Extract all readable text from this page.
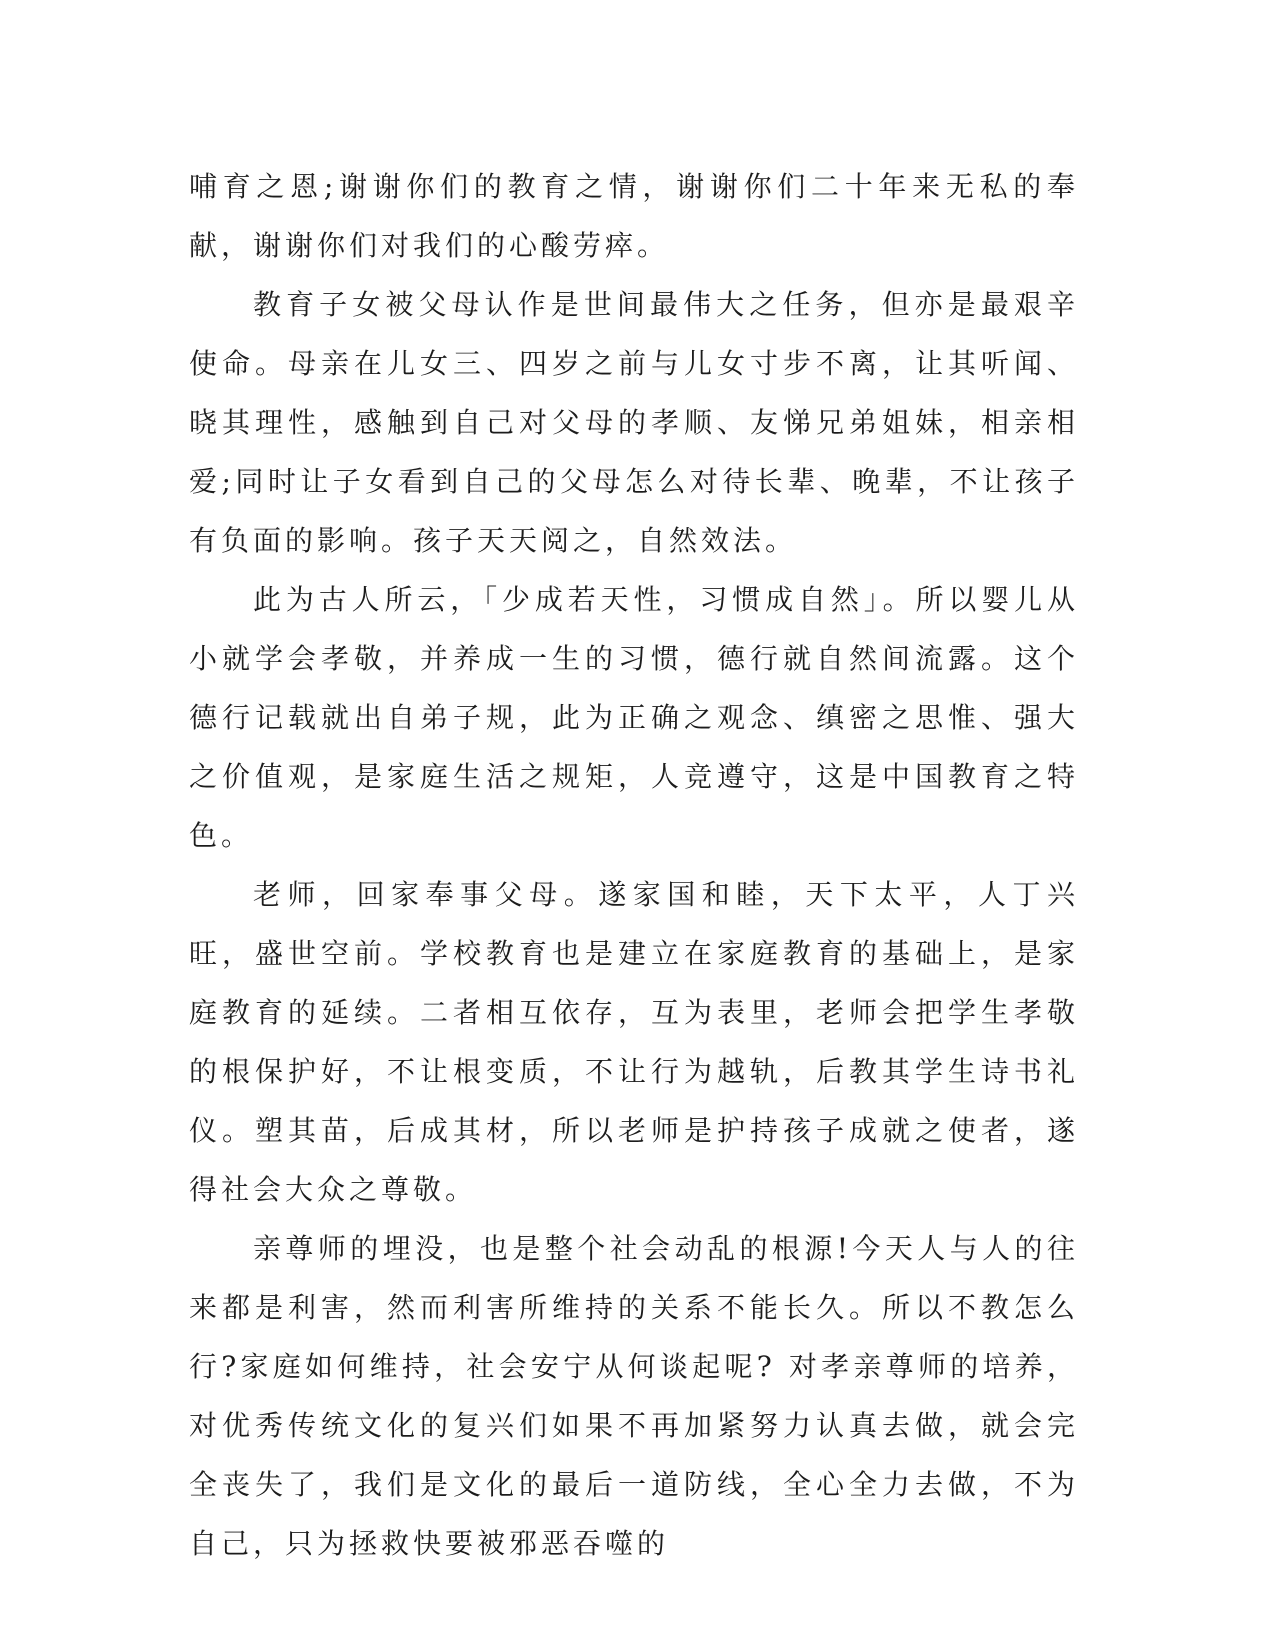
哺育之恩;谢谢你们的教育之情，谢谢你们二十年来无私的奉献，谢谢你们对我们的心酸劳瘁。

教育子女被父母认作是世间最伟大之任务，但亦是最艰辛使命。母亲在儿女三、四岁之前与儿女寸步不离，让其听闻、晓其理性，感触到自己对父母的孝顺、友悌兄弟姐妹，相亲相爱;同时让子女看到自己的父母怎么对待长辈、晚辈，不让孩子有负面的影响。孩子天天阅之，自然效法。

此为古人所云，「少成若天性，习惯成自然」。所以婴儿从小就学会孝敬，并养成一生的习惯，德行就自然间流露。这个德行记载就出自弟子规，此为正确之观念、缜密之思惟、强大之价值观，是家庭生活之规矩，人竞遵守，这是中国教育之特色。

老师，回家奉事父母。遂家国和睦，天下太平，人丁兴旺，盛世空前。学校教育也是建立在家庭教育的基础上，是家庭教育的延续。二者相互依存，互为表里，老师会把学生孝敬的根保护好，不让根变质，不让行为越轨，后教其学生诗书礼仪。塑其苗，后成其材，所以老师是护持孩子成就之使者，遂得社会大众之尊敬。

亲尊师的埋没，也是整个社会动乱的根源!今天人与人的往来都是利害，然而利害所维持的关系不能长久。所以不教怎么行?家庭如何维持，社会安宁从何谈起呢? 对孝亲尊师的培养，对优秀传统文化的复兴们如果不再加紧努力认真去做，就会完全丧失了，我们是文化的最后一道防线，全心全力去做，不为自己，只为拯救快要被邪恶吞噬的
